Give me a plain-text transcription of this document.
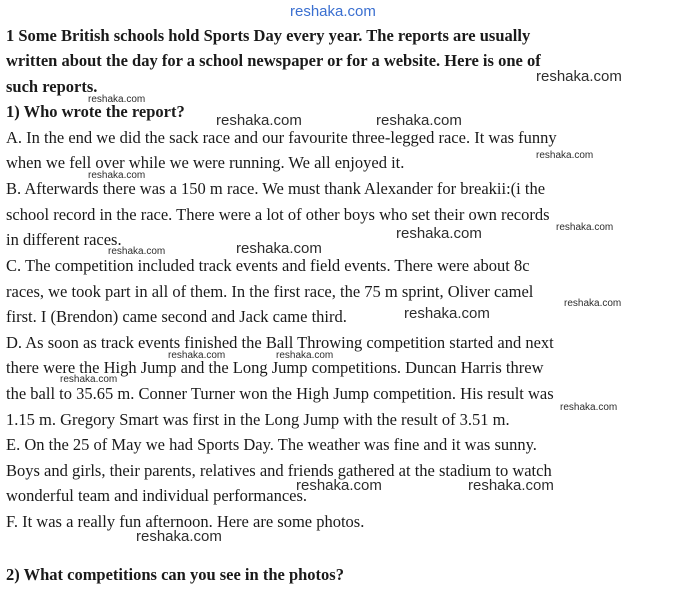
reshaka.com
1 Some British schools hold Sports Day every year. The reports are usually
written about the day for a school newspaper or for a website. Here is one of
such reports.
1) Who wrote the report?
A. In the end we did the sack race and our favourite three-legged race. It was funny
when we fell over while we were running. We all enjoyed it.
B. Afterwards there was a 150 m race. We must thank Alexander for breakii:(i the
school record in the race. There were a lot of other boys who set their own records
in different races.
C. The competition included track events and field events. There were about 8c
races, we took part in all of them. In the first race, the 75 m sprint, Oliver camel
first. I (Brendon) came second and Jack came third.
D. As soon as track events finished the Ball Throwing competition started and next
there were the High Jump and the Long Jump competitions. Duncan Harris threw
the ball to 35.65 m. Conner Turner won the High Jump competition. His result was
1.15 m. Gregory Smart was first in the Long Jump with the result of 3.51 m.
E. On the 25 of May we had Sports Day. The weather was fine and it was sunny.
Boys and girls, their parents, relatives and friends gathered at the stadium to watch
wonderful team and individual performances.
F. It was a really fun afternoon. Here are some photos.
2) What competitions can you see in the photos?
reshaka.com
reshaka.com
reshaka.com	reshaka.com
reshaka.com
reshaka.com
reshaka.com
reshaka.com
reshaka.com
reshaka.com
reshaka.com
reshaka.com
reshaka.com	reshaka.com
reshaka.com
reshaka.com
reshaka.com	reshaka.com
reshaka.com
